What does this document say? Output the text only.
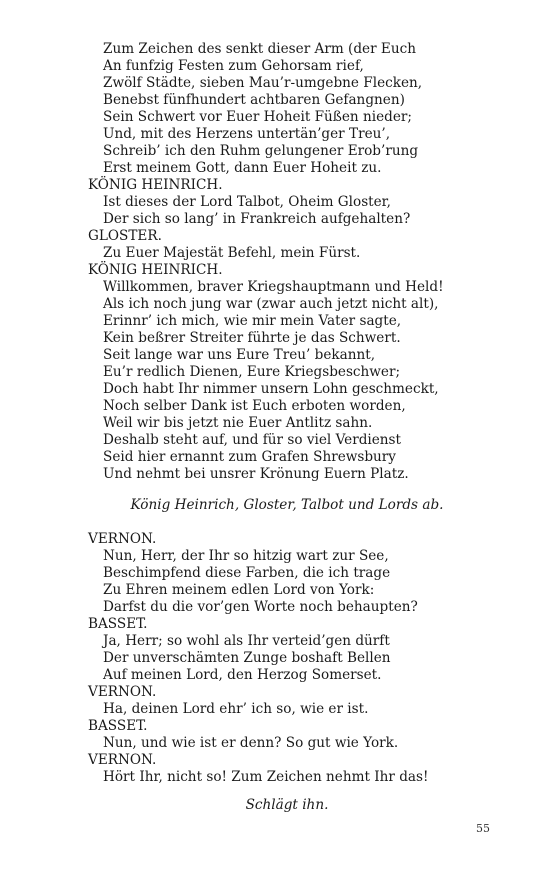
Zum Zeichen des senkt dieser Arm (der Euch
An funfzig Festen zum Gehorsam rief,
Zwölf Städte, sieben Mau’r-umgebne Flecken,
Benebst fünfhundert achtbaren Gefangnen)
Sein Schwert vor Euer Hoheit Füßen nieder;
Und, mit des Herzens untertän’ger Treu’,
Schreib’ ich den Ruhm gelungener Erob’rung
Erst meinem Gott, dann Euer Hoheit zu.
KÖNIG HEINRICH.
Ist dieses der Lord Talbot, Oheim Gloster,
Der sich so lang’ in Frankreich aufgehalten?
GLOSTER.
Zu Euer Majestät Befehl, mein Fürst.
KÖNIG HEINRICH.
Willkommen, braver Kriegshauptmann und Held!
Als ich noch jung war (zwar auch jetzt nicht alt),
Erinnr’ ich mich, wie mir mein Vater sagte,
Kein beßrer Streiter führte je das Schwert.
Seit lange war uns Eure Treu’ bekannt,
Eu’r redlich Dienen, Eure Kriegsbeschwer;
Doch habt Ihr nimmer unsern Lohn geschmeckt,
Noch selber Dank ist Euch erboten worden,
Weil wir bis jetzt nie Euer Antlitz sahn.
Deshalb steht auf, und für so viel Verdienst
Seid hier ernannt zum Grafen Shrewsbury
Und nehmt bei unsrer Krönung Euern Platz.
König Heinrich, Gloster, Talbot und Lords ab.
VERNON.
Nun, Herr, der Ihr so hitzig wart zur See,
Beschimpfend diese Farben, die ich trage
Zu Ehren meinem edlen Lord von York:
Darfst du die vor’gen Worte noch behaupten?
BASSET.
Ja, Herr; so wohl als Ihr verteid’gen dürft
Der unverschämten Zunge boshaft Bellen
Auf meinen Lord, den Herzog Somerset.
VERNON.
Ha, deinen Lord ehr’ ich so, wie er ist.
BASSET.
Nun, und wie ist er denn? So gut wie York.
VERNON.
Hört Ihr, nicht so! Zum Zeichen nehmt Ihr das!
Schlägt ihn.
55
